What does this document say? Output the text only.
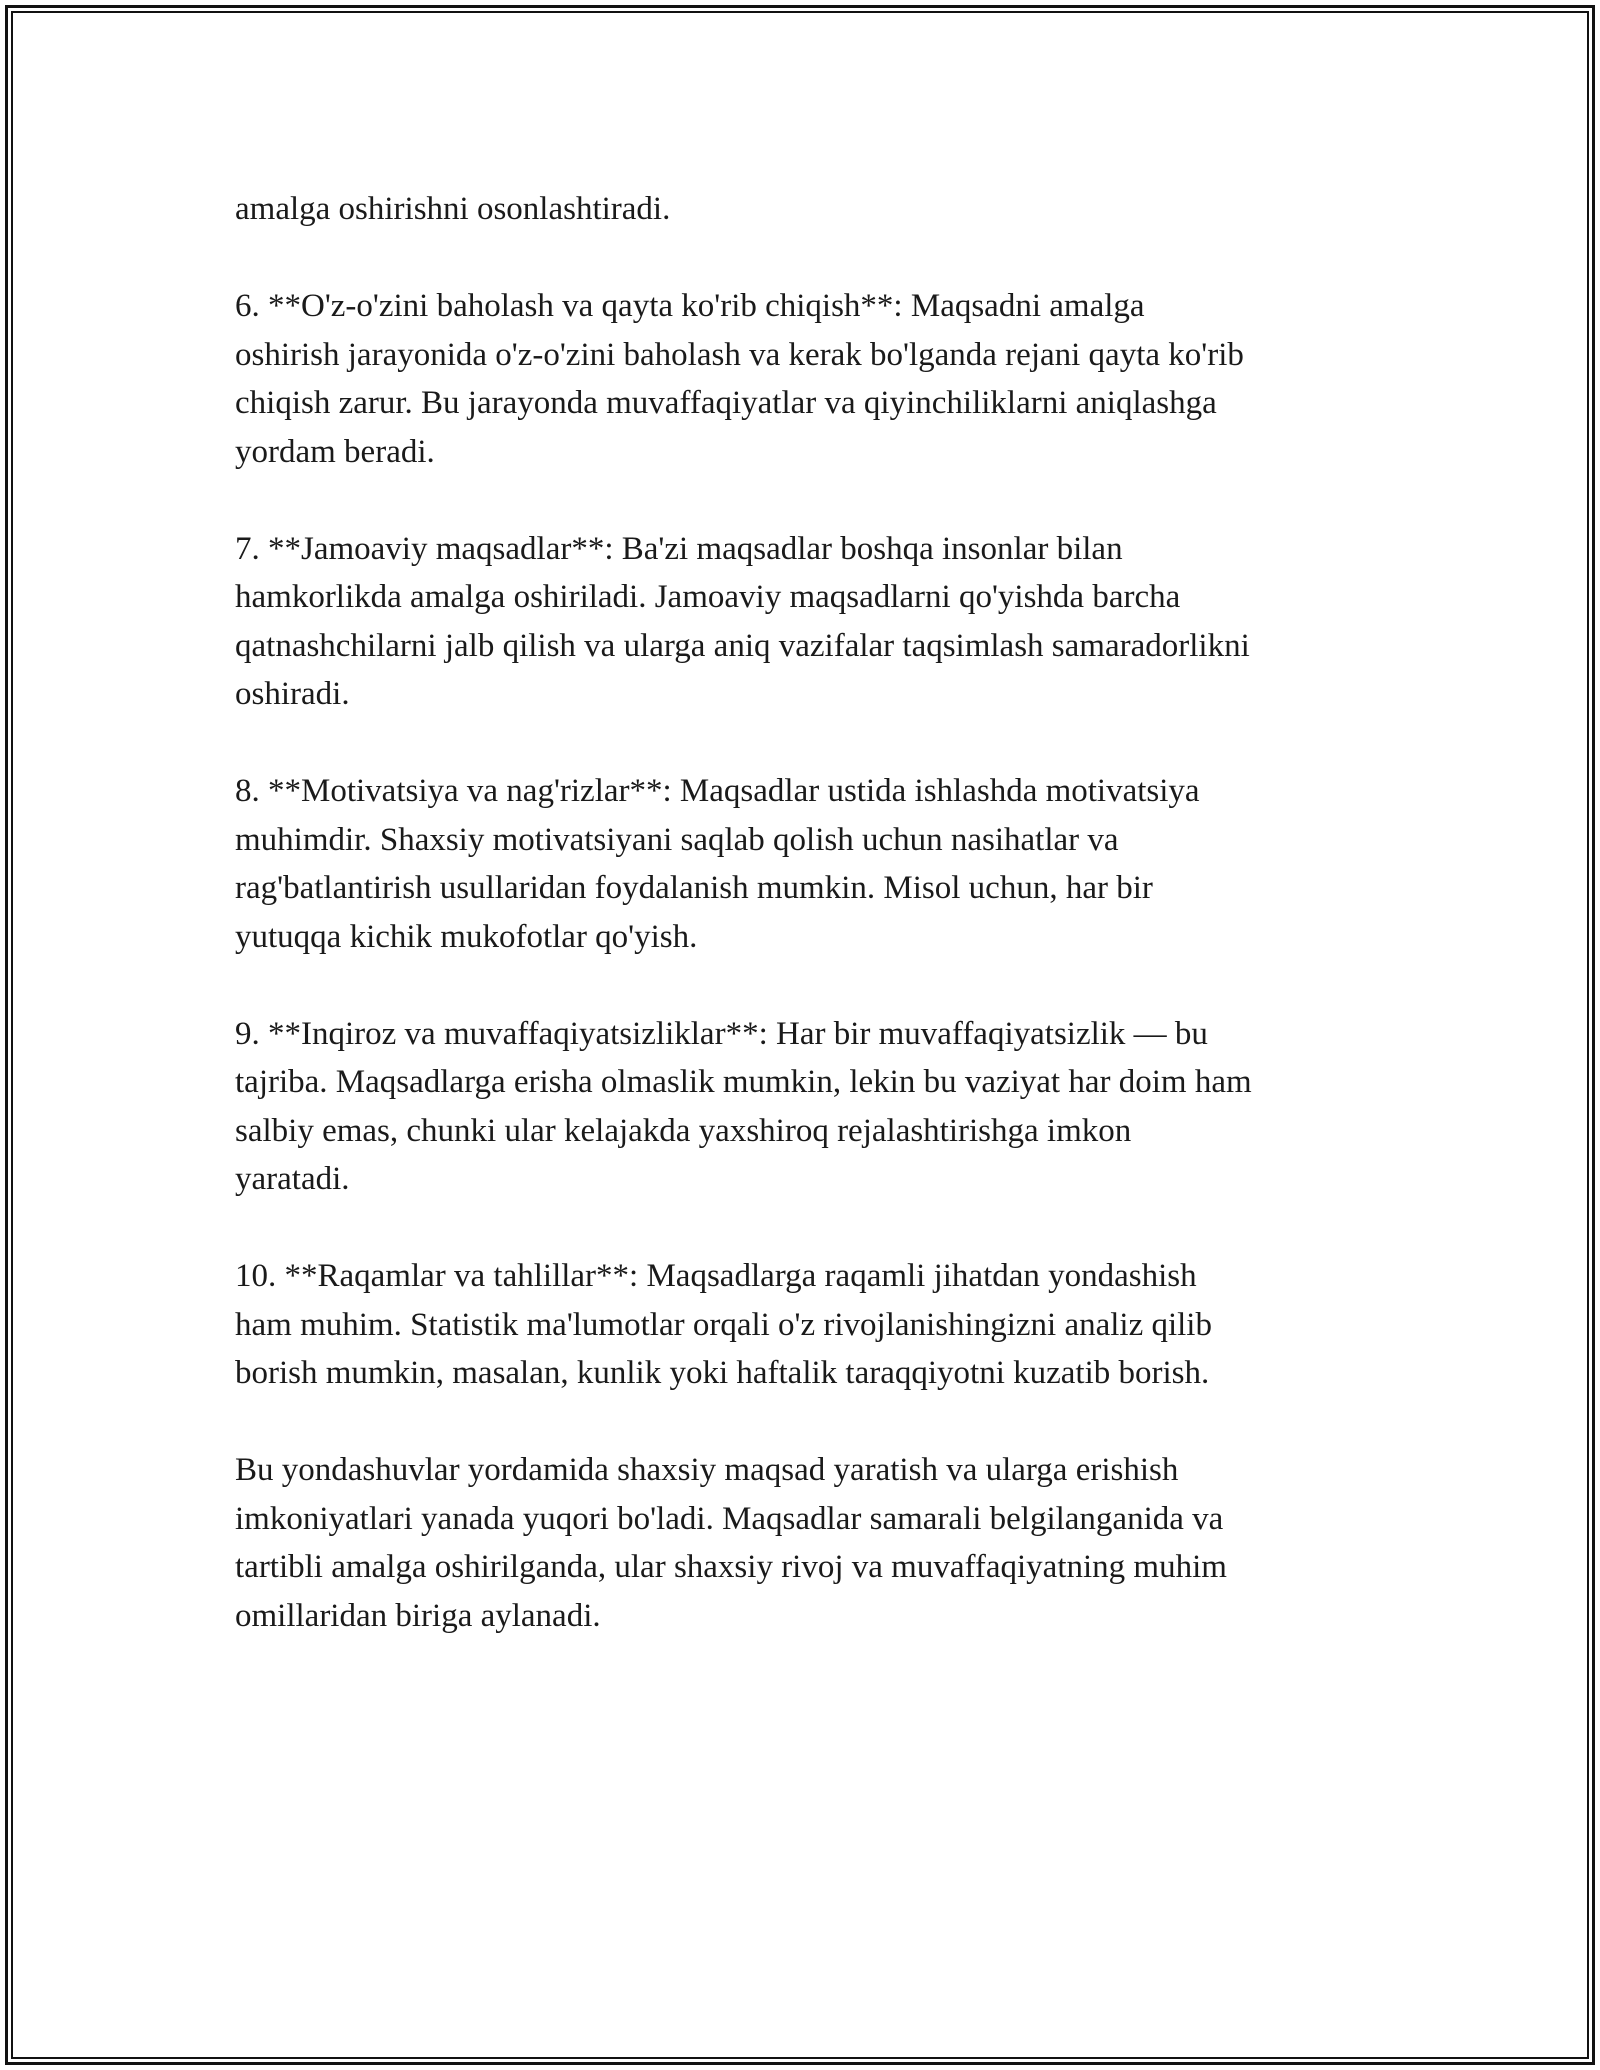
amalga oshirishni osonlashtiradi.

6. **O'z-o'zini baholash va qayta ko'rib chiqish**: Maqsadni amalga
oshirish jarayonida o'z-o'zini baholash va kerak bo'lganda rejani qayta ko'rib
chiqish zarur. Bu jarayonda muvaffaqiyatlar va qiyinchiliklarni aniqlashga
yordam beradi.

7. **Jamoaviy maqsadlar**: Ba'zi maqsadlar boshqa insonlar bilan
hamkorlikda amalga oshiriladi. Jamoaviy maqsadlarni qo'yishda barcha
qatnashchilarni jalb qilish va ularga aniq vazifalar taqsimlash samaradorlikni
oshiradi.

8. **Motivatsiya va nag'rizlar**: Maqsadlar ustida ishlashda motivatsiya
muhimdir. Shaxsiy motivatsiyani saqlab qolish uchun nasihatlar va
rag'batlantirish usullaridan foydalanish mumkin. Misol uchun, har bir
yutuqqa kichik mukofotlar qo'yish.

9. **Inqiroz va muvaffaqiyatsizliklar**: Har bir muvaffaqiyatsizlik — bu
tajriba. Maqsadlarga erisha olmaslik mumkin, lekin bu vaziyat har doim ham
salbiy emas, chunki ular kelajakda yaxshiroq rejalashtirishga imkon
yaratadi.

10. **Raqamlar va tahlillar**: Maqsadlarga raqamli jihatdan yondashish
ham muhim. Statistik ma'lumotlar orqali o'z rivojlanishingizni analiz qilib
borish mumkin, masalan, kunlik yoki haftalik taraqqiyotni kuzatib borish.

Bu yondashuvlar yordamida shaxsiy maqsad yaratish va ularga erishish
imkoniyatlari yanada yuqori bo'ladi. Maqsadlar samarali belgilanganida va
tartibli amalga oshirilganda, ular shaxsiy rivoj va muvaffaqiyatning muhim
omillaridan biriga aylanadi.
